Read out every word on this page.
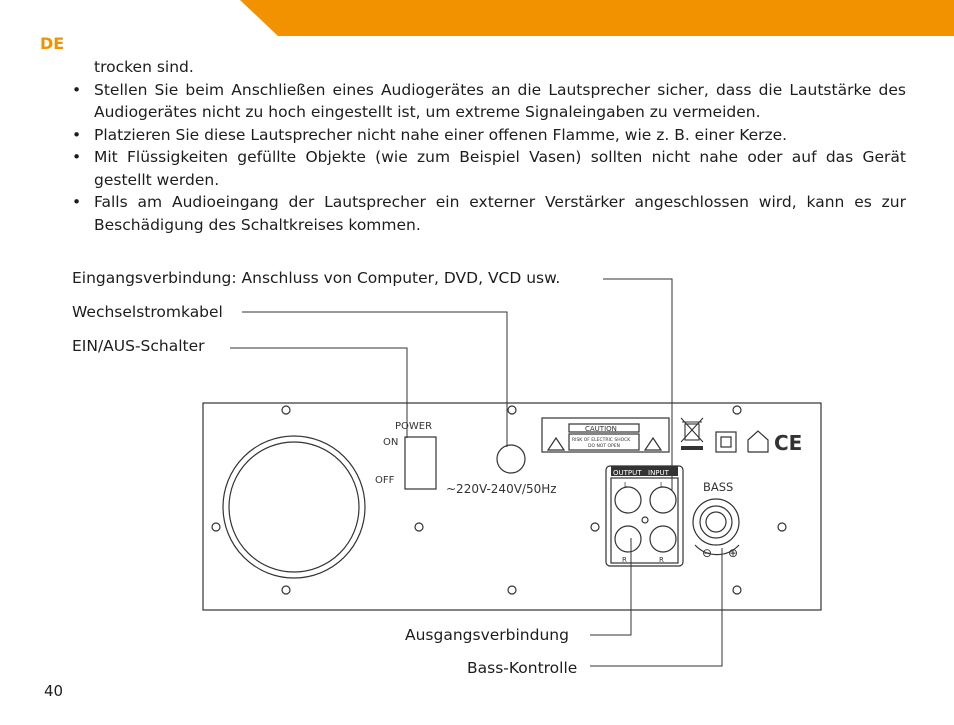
DE
trocken sind.
• Stellen Sie beim Anschließen eines Audiogerätes an die Lautsprecher sicher, dass die Lautstärke des Audiogerätes nicht zu hoch eingestellt ist, um extreme Signaleingaben zu vermeiden.
• Platzieren Sie diese Lautsprecher nicht nahe einer offenen Flamme, wie z. B. einer Kerze.
• Mit Flüssigkeiten gefüllte Objekte (wie zum Beispiel Vasen) sollten nicht nahe oder auf das Gerät gestellt werden.
• Falls am Audioeingang der Lautsprecher ein externer Verstärker angeschlossen wird, kann es zur Beschädigung des Schaltkreises kommen.
Eingangsverbindung: Anschluss von Computer, DVD, VCD usw.
Wechselstromkabel
EIN/AUS-Schalter
Ausgangsverbindung
Bass-Kontrolle
POWER
ON
OFF
~220V-240V/50Hz
CAUTION
RISK OF ELECTRIC SHOCK
DO NOT OPEN
OUTPUT INPUT
L	L
R	R
BASS
⊖ ⊕
CE
40
